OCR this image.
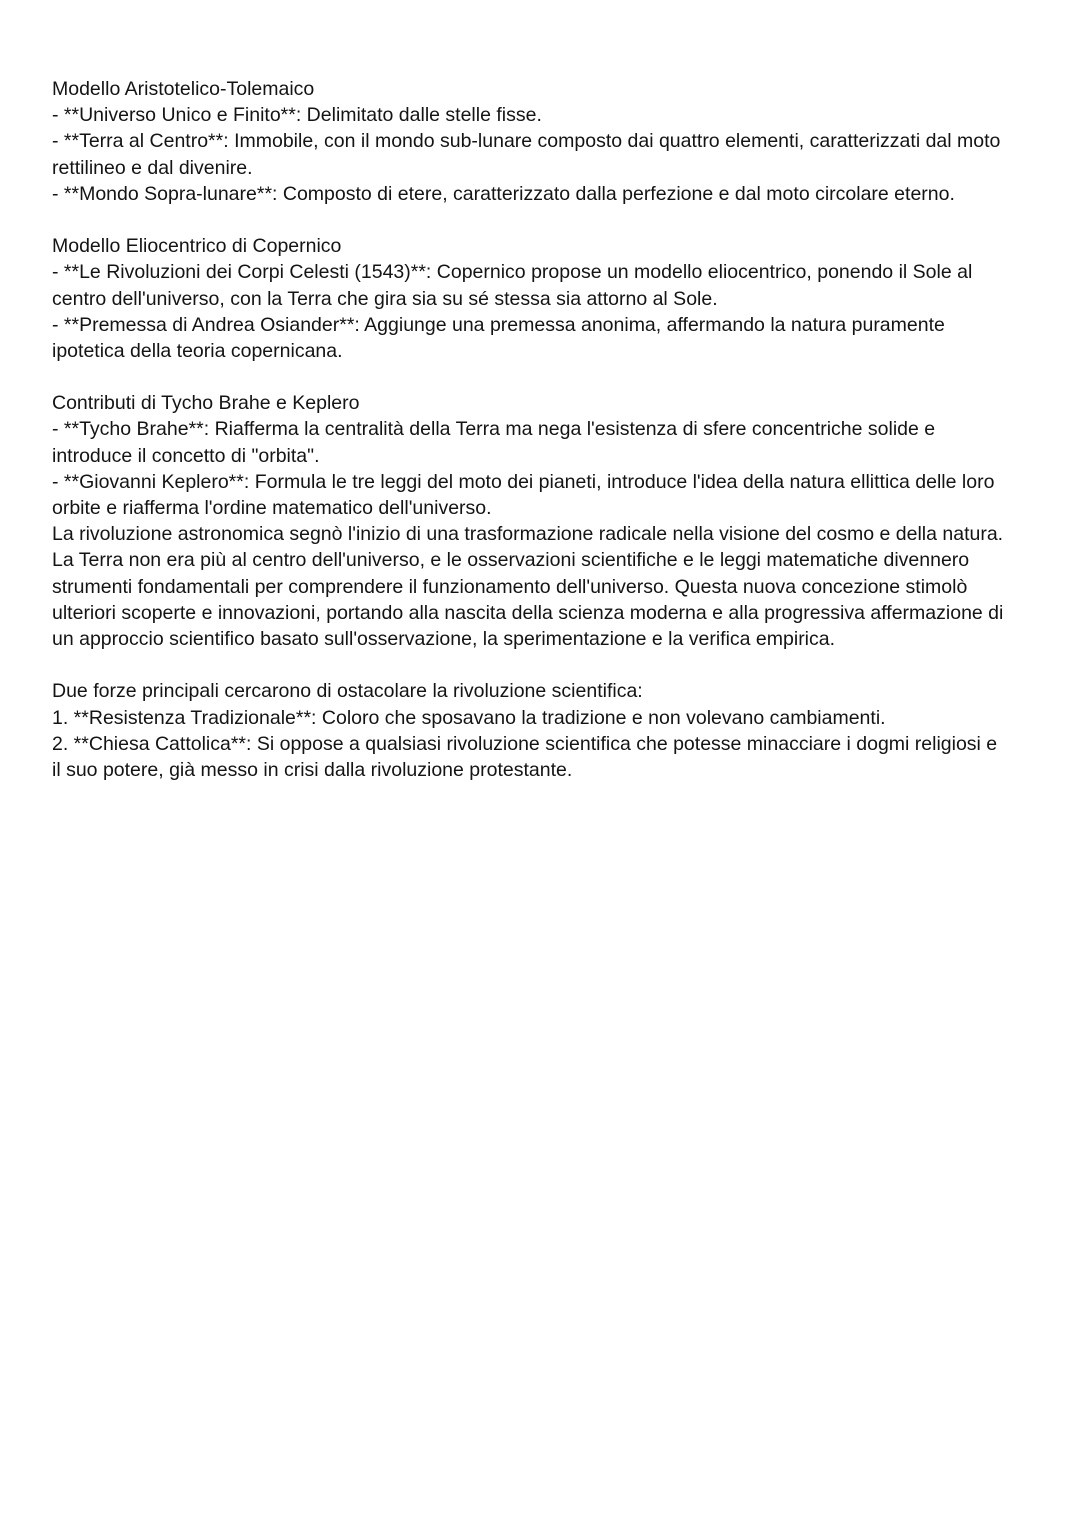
Modello Aristotelico-Tolemaico
- **Universo Unico e Finito**: Delimitato dalle stelle fisse.
- **Terra al Centro**: Immobile, con il mondo sub-lunare composto dai quattro elementi, caratterizzati dal moto
rettilineo e dal divenire.
- **Mondo Sopra-lunare**: Composto di etere, caratterizzato dalla perfezione e dal moto circolare eterno.
Modello Eliocentrico di Copernico
- **Le Rivoluzioni dei Corpi Celesti (1543)**: Copernico propose un modello eliocentrico, ponendo il Sole al
centro dell'universo, con la Terra che gira sia su sé stessa sia attorno al Sole.
- **Premessa di Andrea Osiander**: Aggiunge una premessa anonima, affermando la natura puramente
ipotetica della teoria copernicana.
Contributi di Tycho Brahe e Keplero
- **Tycho Brahe**: Riafferma la centralità della Terra ma nega l'esistenza di sfere concentriche solide e
introduce il concetto di "orbita".
- **Giovanni Keplero**: Formula le tre leggi del moto dei pianeti, introduce l'idea della natura ellittica delle loro
orbite e riafferma l'ordine matematico dell'universo.
La rivoluzione astronomica segnò l'inizio di una trasformazione radicale nella visione del cosmo e della natura.
La Terra non era più al centro dell'universo, e le osservazioni scientifiche e le leggi matematiche divennero
strumenti fondamentali per comprendere il funzionamento dell'universo. Questa nuova concezione stimolò
ulteriori scoperte e innovazioni, portando alla nascita della scienza moderna e alla progressiva affermazione di
un approccio scientifico basato sull'osservazione, la sperimentazione e la verifica empirica.
Due forze principali cercarono di ostacolare la rivoluzione scientifica:
1. **Resistenza Tradizionale**: Coloro che sposavano la tradizione e non volevano cambiamenti.
2. **Chiesa Cattolica**: Si oppose a qualsiasi rivoluzione scientifica che potesse minacciare i dogmi religiosi e
il suo potere, già messo in crisi dalla rivoluzione protestante.
